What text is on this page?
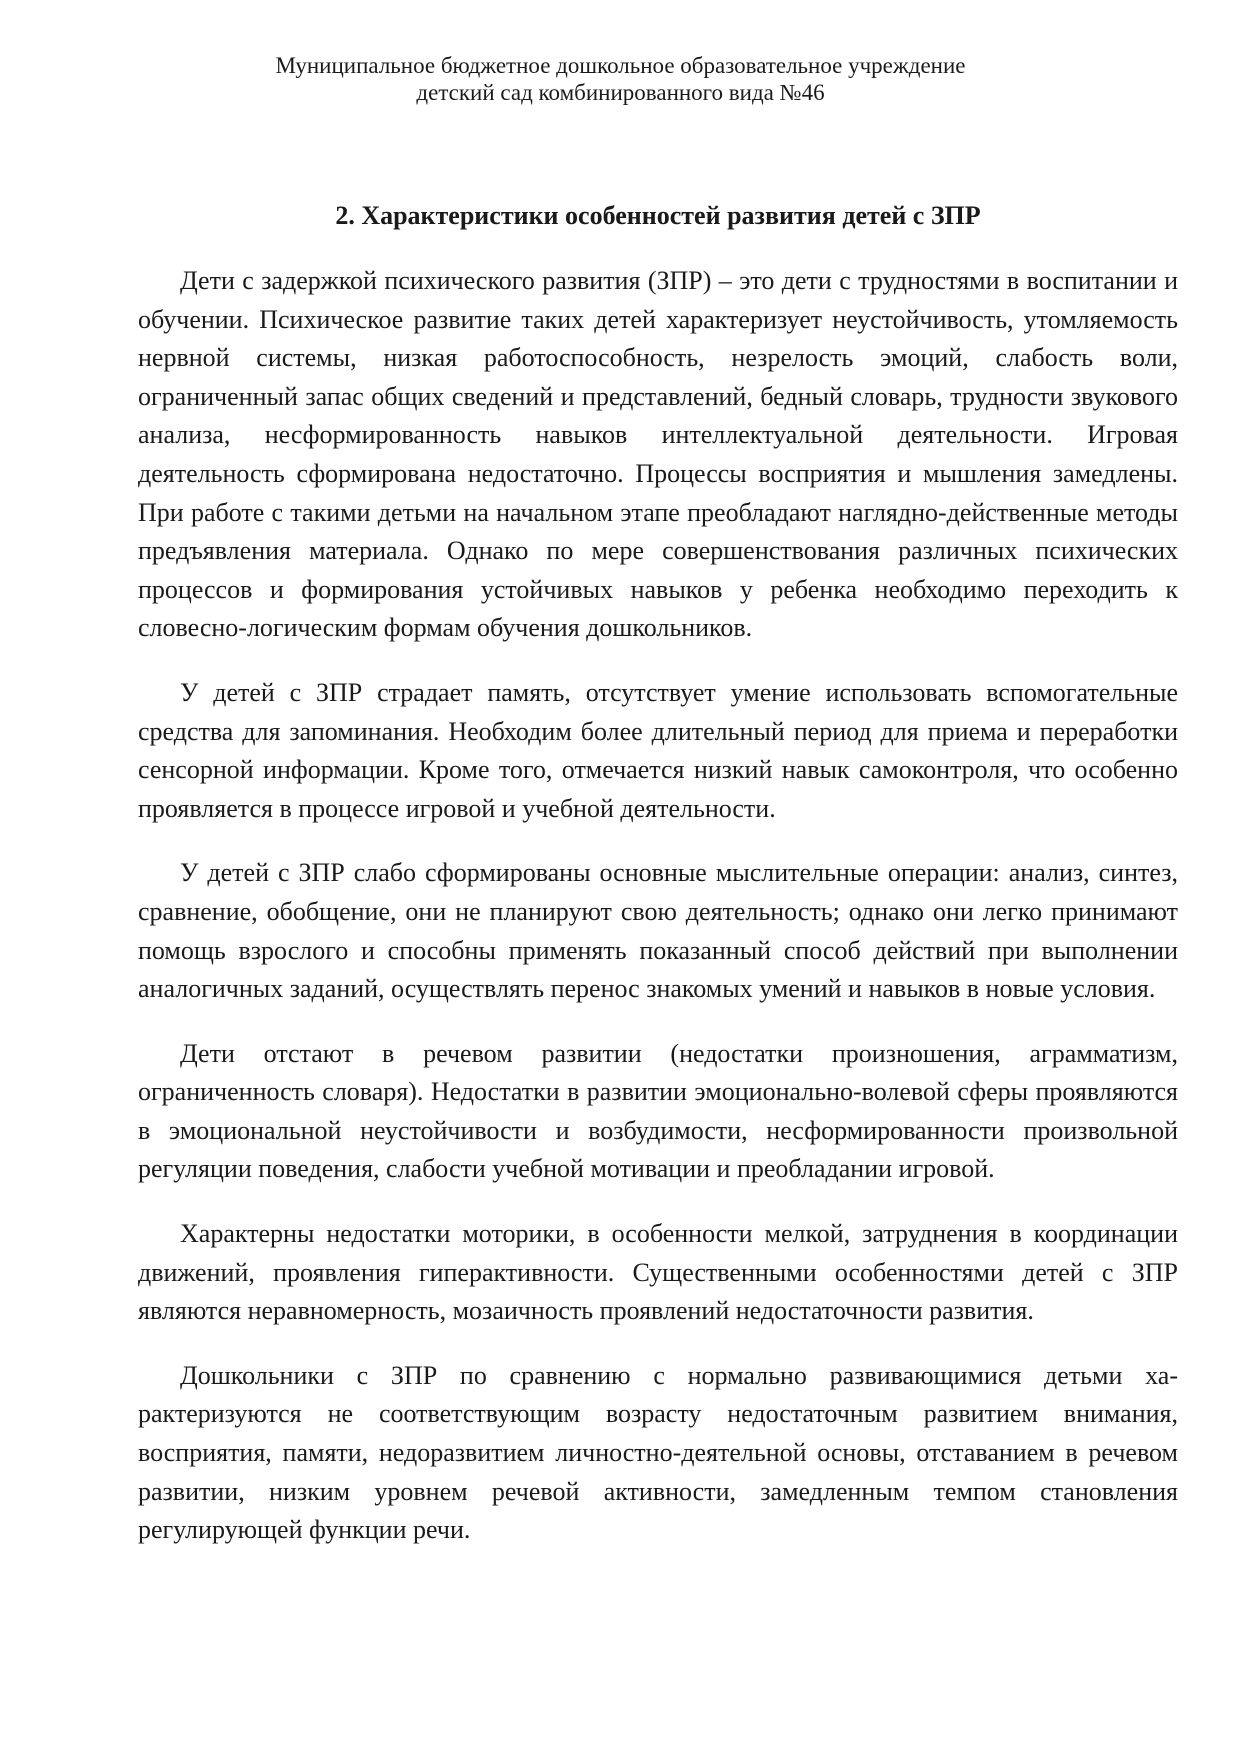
Муниципальное бюджетное дошкольное образовательное учреждение
детский сад комбинированного вида №46
2. Характеристики особенностей развития детей с ЗПР

Дети с задержкой психического развития (ЗПР) – это дети с трудностями в воспитании и обучении. Психическое развитие таких детей характеризует неустойчивость, утомляемость нервной системы, низкая работоспособность, незрелость эмоций, слабость воли, ограниченный запас общих сведений и представлений, бедный словарь, трудности звукового анализа, несформированность навыков интеллектуальной деятельности. Игровая деятельность сформирована недостаточно. Процессы восприятия и мышления замедлены. При работе с такими детьми на начальном этапе преобладают наглядно-действенные методы предъявления материала. Однако по мере совершенствования различных психических процессов и формирования устойчивых навыков у ребенка необходимо переходить к словесно-логическим формам обучения дошкольников.

У детей с ЗПР страдает память, отсутствует умение использовать вспомогательные средства для запоминания. Необходим более длительный период для приема и переработки сенсорной информации. Кроме того, отмечается низкий навык самоконтроля, что особенно проявляется в процессе игровой и учебной деятельности.

У детей с ЗПР слабо сформированы основные мыслительные операции: анализ, синтез, сравнение, обобщение, они не планируют свою деятельность; однако они легко принимают помощь взрослого и способны применять показанный способ действий при выполнении аналогичных заданий, осуществлять перенос знакомых умений и навыков в новые условия.

Дети отстают в речевом развитии (недостатки произношения, аграмматизм, ограниченность словаря). Недостатки в развитии эмоционально-волевой сферы проявляются в эмоциональной неустойчивости и возбудимости, несформированности произвольной регуляции поведения, слабости учебной мотивации и преобладании игровой.

Характерны недостатки моторики, в особенности мелкой, затруднения в координации движений, проявления гиперактивности. Существенными особенностями детей с ЗПР являются неравномерность, мозаичность проявлений недостаточности развития.

Дошкольники с ЗПР по сравнению с нормально развивающимися детьми характеризуются не соответствующим возрасту недостаточным развитием внимания, восприятия, памяти, недоразвитием личностно-деятельной основы, отставанием в речевом развитии, низким уровнем речевой активности, замедленным темпом становления регулирующей функции речи.
